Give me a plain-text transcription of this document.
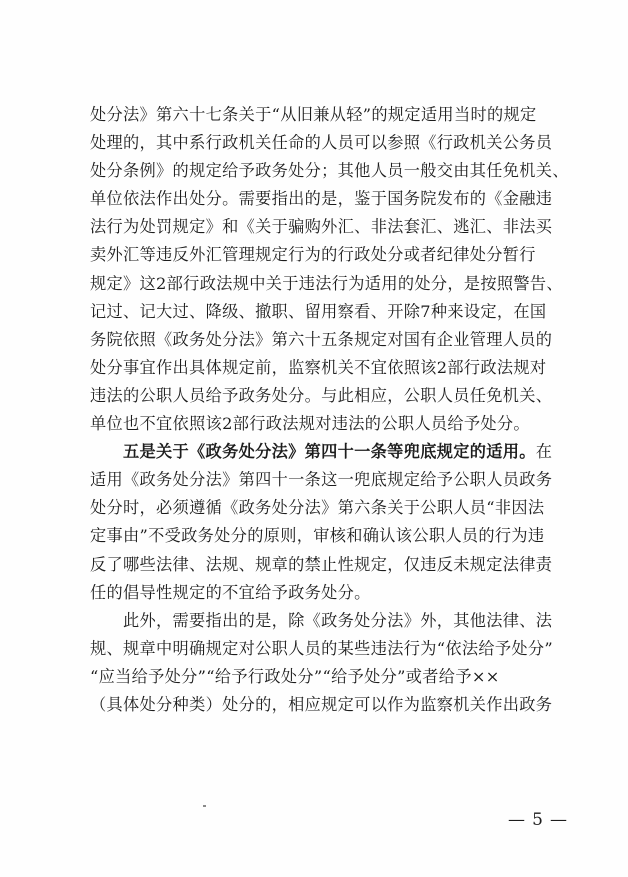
处分法》第六十七条关于“从旧兼从轻”的规定适用当时的规定
处理的，其中系行政机关任命的人员可以参照《行政机关公务员
处分条例》的规定给予政务处分；其他人员一般交由其任免机关、
单位依法作出处分。需要指出的是，鉴于国务院发布的《金融违
法行为处罚规定》和《关于骗购外汇、非法套汇、逃汇、非法买
卖外汇等违反外汇管理规定行为的行政处分或者纪律处分暂行
规定》这2部行政法规中关于违法行为适用的处分，是按照警告、
记过、记大过、降级、撤职、留用察看、开除7种来设定，在国
务院依照《政务处分法》第六十五条规定对国有企业管理人员的
处分事宜作出具体规定前，监察机关不宜依照该2部行政法规对
违法的公职人员给予政务处分。与此相应，公职人员任免机关、
单位也不宜依照该2部行政法规对违法的公职人员给予处分。
五是关于《政务处分法》第四十一条等兜底规定的适用。在
适用《政务处分法》第四十一条这一兜底规定给予公职人员政务
处分时，必须遵循《政务处分法》第六条关于公职人员“非因法
定事由”不受政务处分的原则，审核和确认该公职人员的行为违
反了哪些法律、法规、规章的禁止性规定，仅违反未规定法律责
任的倡导性规定的不宜给予政务处分。
此外，需要指出的是，除《政务处分法》外，其他法律、法
规、规章中明确规定对公职人员的某些违法行为“依法给予处分”
“应当给予处分”“给予行政处分”“给予处分”或者给予××
（具体处分种类）处分的，相应规定可以作为监察机关作出政务
— 5 —
